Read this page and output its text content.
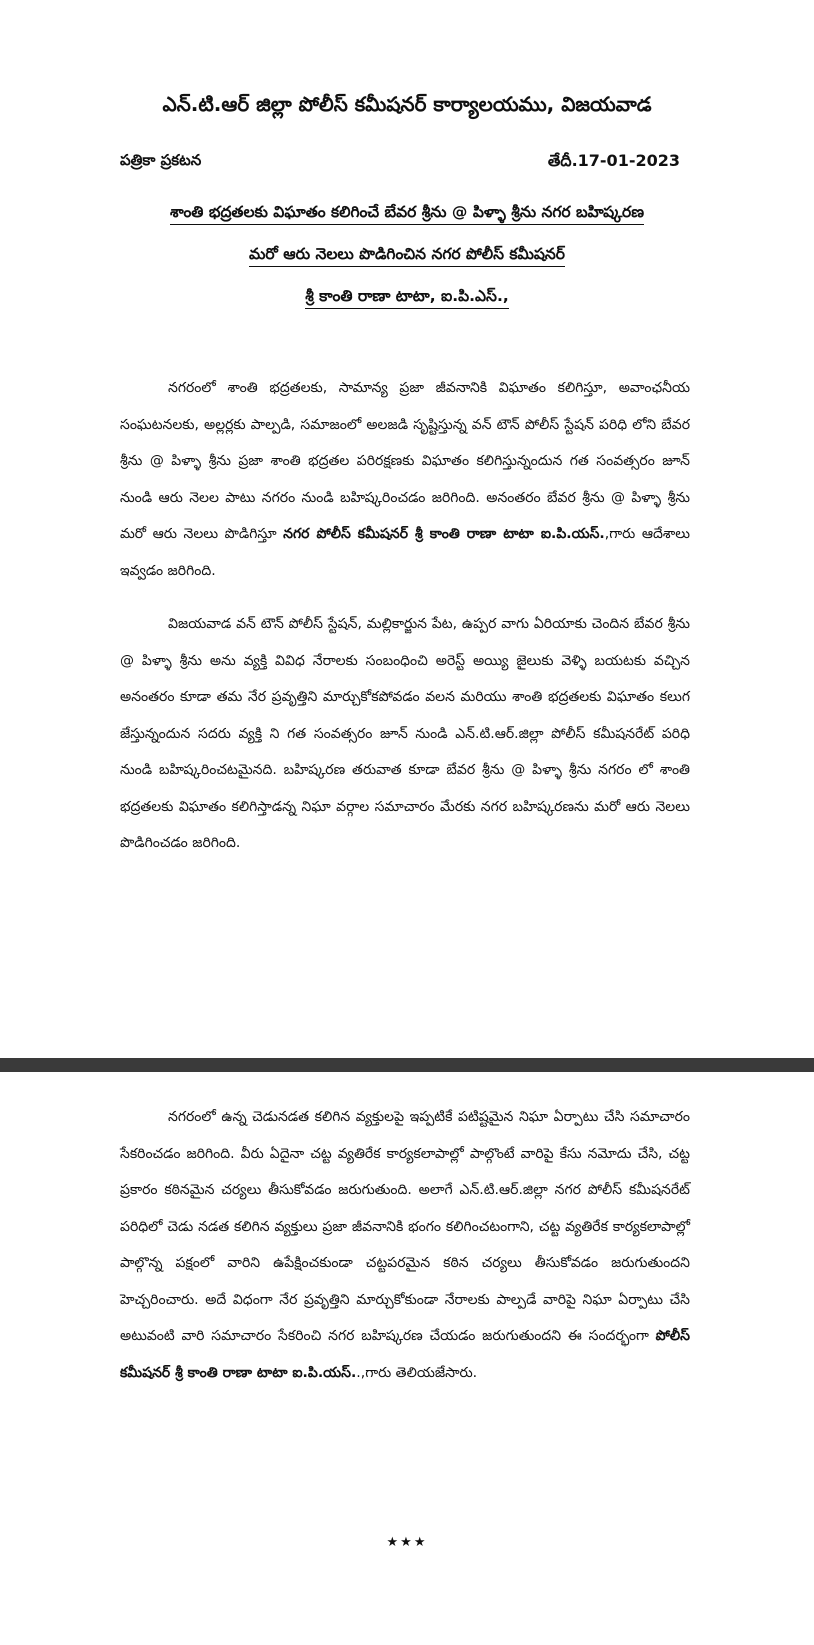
ఎన్.టి.ఆర్ జిల్లా పోలీస్ కమీషనర్ కార్యాలయము, విజయవాడ
పత్రికా ప్రకటన	తేదీ.17-01-2023
శాంతి భద్రతలకు విఘాతం కలిగించే బేవర శ్రీను @ పిళ్ళా శ్రీను నగర బహిష్కరణ
మరో ఆరు నెలలు పొడిగించిన నగర పోలీస్ కమీషనర్
శ్రీ కాంతి రాణా టాటా, ఐ.పి.ఎస్.,

నగరంలో శాంతి భద్రతలకు, సామాన్య ప్రజా జీవనానికి విఘాతం కలిగిస్తూ, అవాంఛనీయ సంఘటనలకు, అల్లర్లకు పాల్పడి, సమాజంలో అలజడి సృష్టిస్తున్న వన్ టౌన్ పోలీస్ స్టేషన్ పరిధి లోని బేవర శ్రీను @ పిళ్ళా శ్రీను ప్రజా శాంతి భద్రతల పరిరక్షణకు విఘాతం కలిగిస్తున్నందున గత సంవత్సరం జూన్ నుండి ఆరు నెలల పాటు నగరం నుండి బహిష్కరించడం జరిగింది. అనంతరం బేవర శ్రీను @ పిళ్ళా శ్రీను మరో ఆరు నెలలు పొడిగిస్తూ నగర పోలీస్ కమీషనర్ శ్రీ కాంతి రాణా టాటా ఐ.పి.యస్.,గారు ఆదేశాలు ఇవ్వడం జరిగింది.

విజయవాడ వన్ టౌన్ పోలీస్ స్టేషన్, మల్లికార్జున పేట, ఉప్పర వాగు ఏరియాకు చెందిన బేవర శ్రీను @ పిళ్ళా శ్రీను అను వ్యక్తి వివిధ నేరాలకు సంబంధించి అరెస్ట్ అయ్యి జైలుకు వెళ్ళి బయటకు వచ్చిన అనంతరం కూడా తమ నేర ప్రవృత్తిని మార్చుకోకపోవడం వలన మరియు శాంతి భద్రతలకు విఘాతం కలుగ జేస్తున్నందున సదరు వ్యక్తి ని గత సంవత్సరం జూన్ నుండి ఎన్.టి.ఆర్.జిల్లా పోలీస్ కమీషనరేట్ పరిధి నుండి బహిష్కరించటమైనది. బహిష్కరణ తరువాత కూడా బేవర శ్రీను @ పిళ్ళా శ్రీను నగరం లో శాంతి భద్రతలకు విఘాతం కలిగిస్తాడన్న నిఘా వర్గాల సమాచారం మేరకు నగర బహిష్కరణను మరో ఆరు నెలలు పొడిగించడం జరిగింది.

నగరంలో ఉన్న చెడునడత కలిగిన వ్యక్తులపై ఇప్పటికే పటిష్టమైన నిఘా ఏర్పాటు చేసి సమాచారం సేకరించడం జరిగింది. వీరు ఏదైనా చట్ట వ్యతిరేక కార్యకలాపాల్లో పాల్గొంటే వారిపై కేసు నమోదు చేసి, చట్ట ప్రకారం కఠినమైన చర్యలు తీసుకోవడం జరుగుతుంది. అలాగే ఎన్.టి.ఆర్.జిల్లా నగర పోలీస్ కమీషనరేట్ పరిధిలో చెడు నడత కలిగిన వ్యక్తులు ప్రజా జీవనానికి భంగం కలిగించటంగాని, చట్ట వ్యతిరేక కార్యకలాపాల్లో పాల్గొన్న పక్షంలో వారిని ఉపేక్షించకుండా చట్టపరమైన కఠిన చర్యలు తీసుకోవడం జరుగుతుందని హెచ్చరించారు. అదే విధంగా నేర ప్రవృత్తిని మార్చుకోకుండా నేరాలకు పాల్పడే వారిపై నిఘా ఏర్పాటు చేసి అటువంటి వారి సమాచారం సేకరించి నగర బహిష్కరణ చేయడం జరుగుతుందని ఈ సందర్భంగా పోలీస్ కమీషనర్ శ్రీ కాంతి రాణా టాటా ఐ.పి.యస్..,గారు తెలియజేసారు.

★★★
